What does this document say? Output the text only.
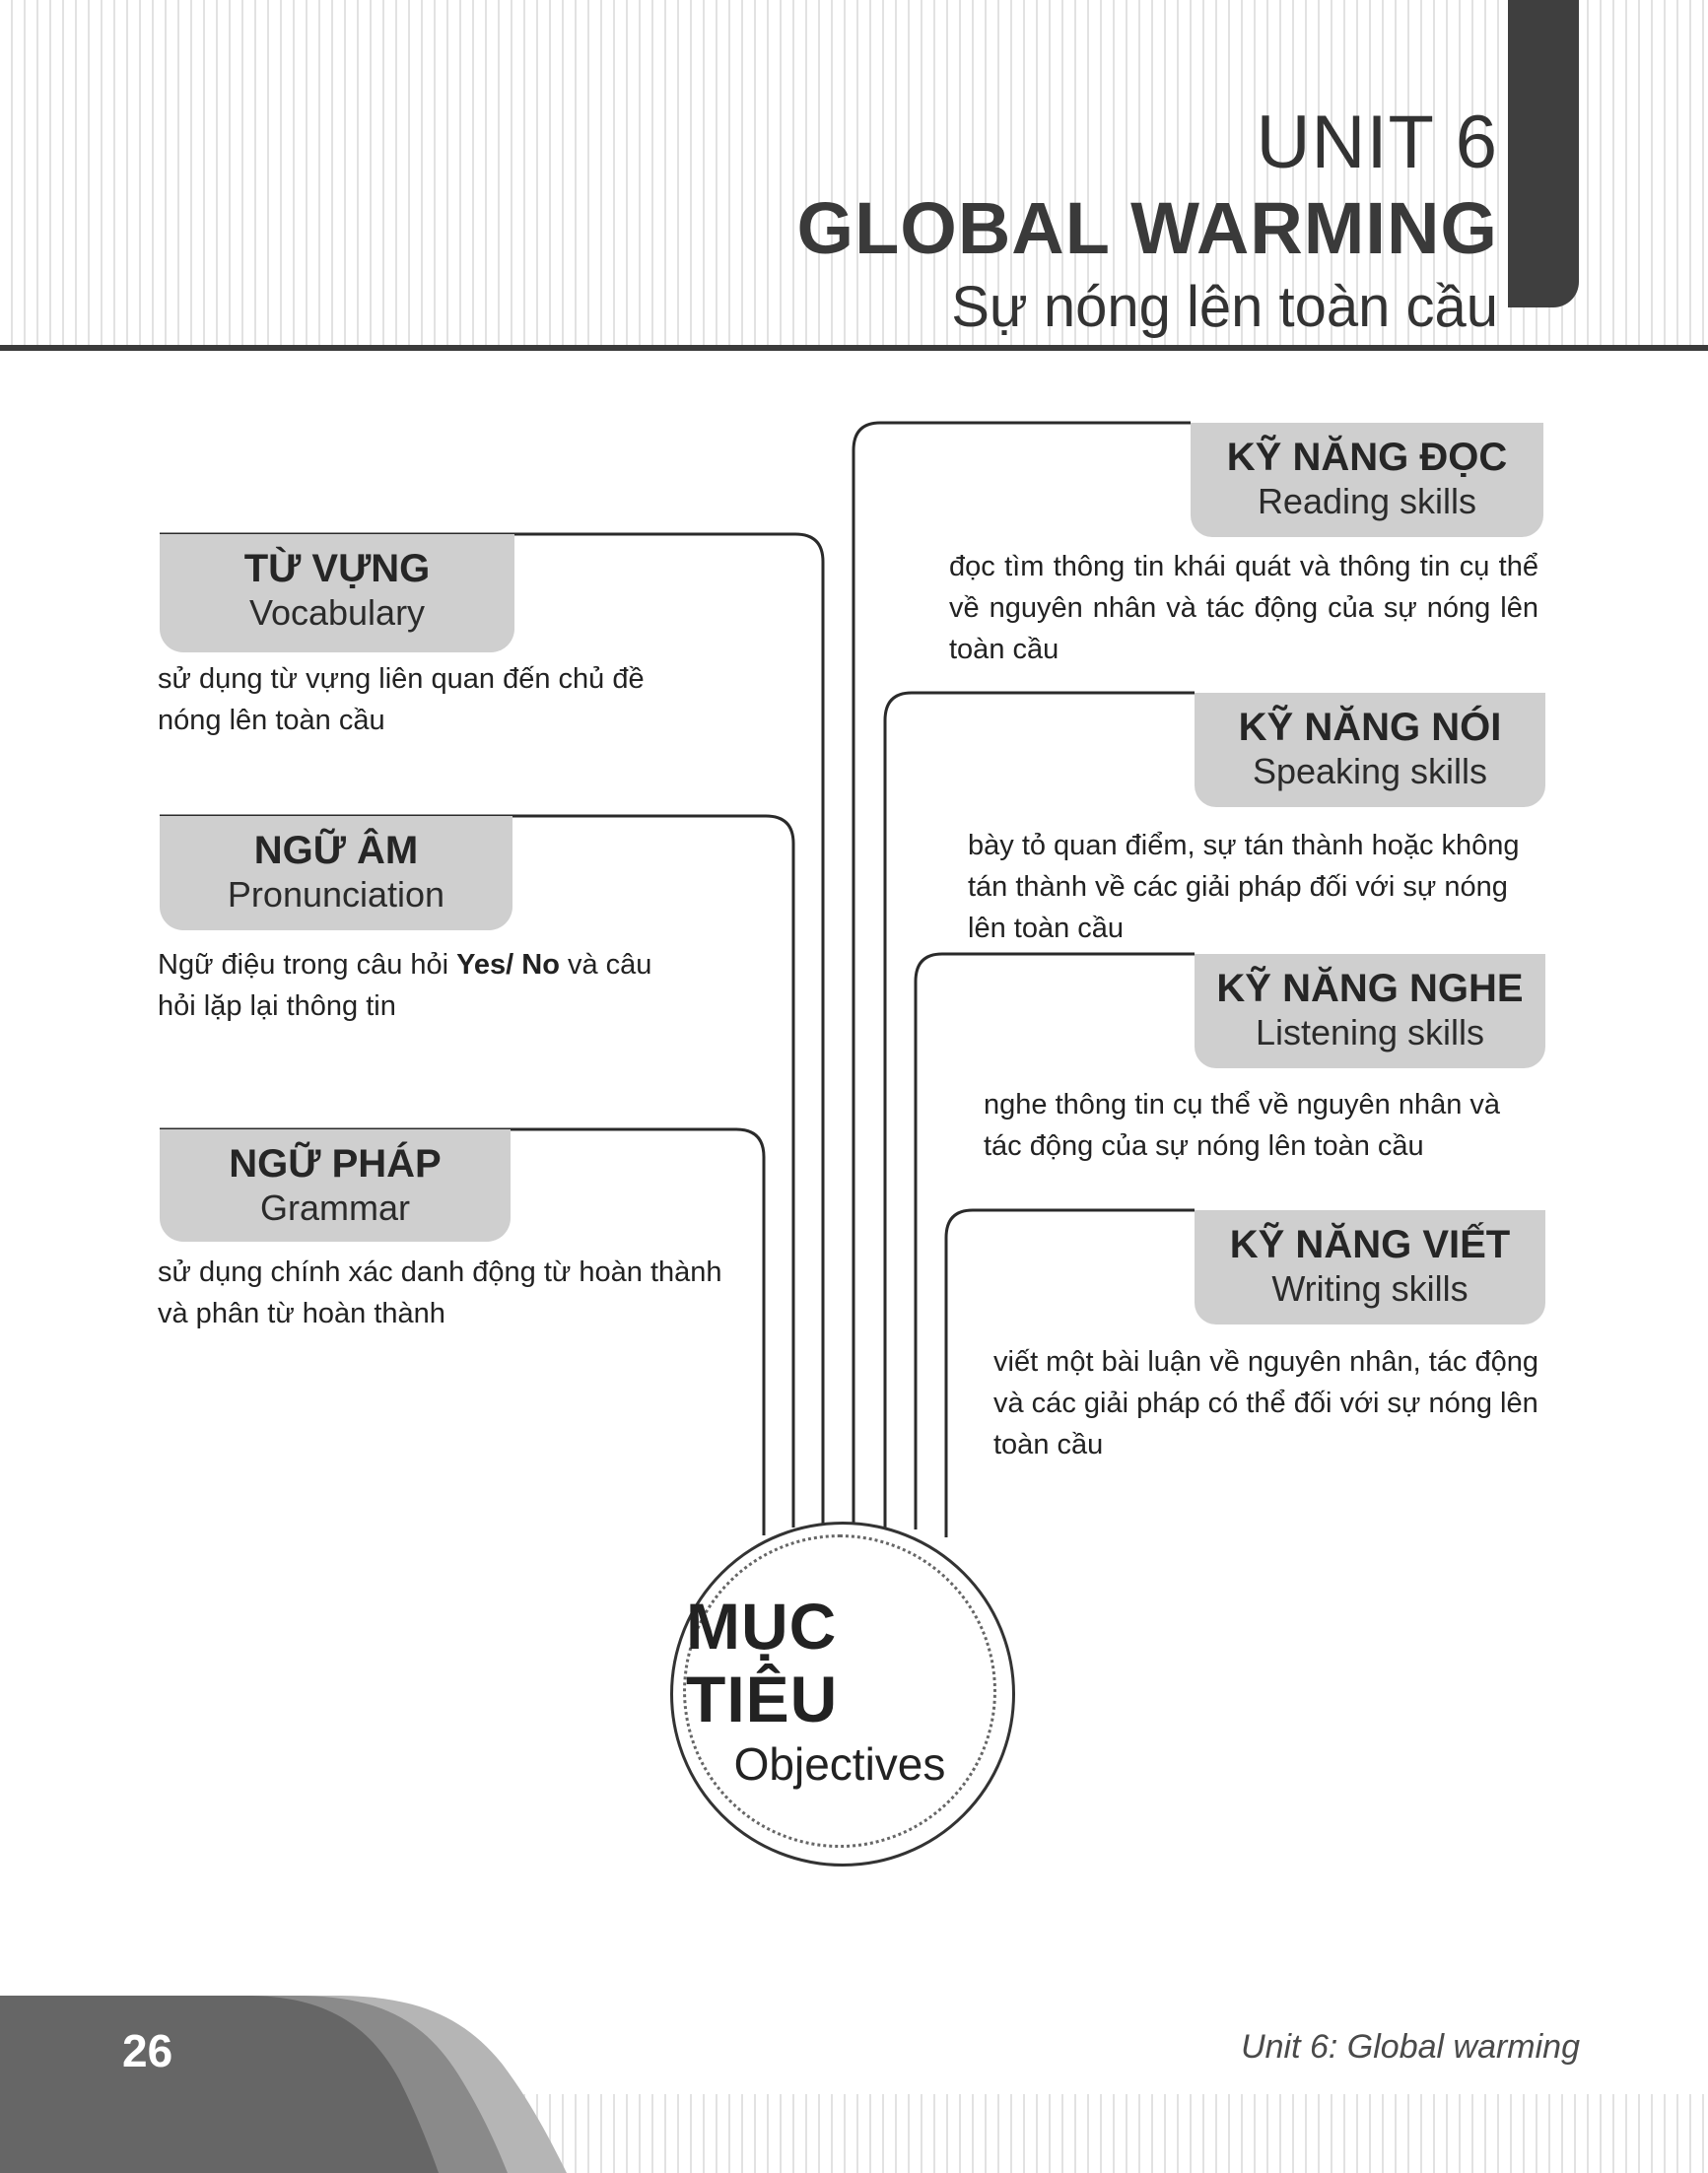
UNIT 6
GLOBAL WARMING
Sự nóng lên toàn cầu
TỪ VỰNG
Vocabulary
sử dụng từ vựng liên quan đến chủ đề nóng lên toàn cầu
NGỮ ÂM
Pronunciation
Ngữ điệu trong câu hỏi Yes/ No và câu hỏi lặp lại thông tin
NGỮ PHÁP
Grammar
sử dụng chính xác danh động từ hoàn thành và phân từ hoàn thành
KỸ NĂNG ĐỌC
Reading skills
đọc tìm thông tin khái quát và thông tin cụ thể về nguyên nhân và tác động của sự nóng lên toàn cầu
KỸ NĂNG NÓI
Speaking skills
bày tỏ quan điểm, sự tán thành hoặc không tán thành về các giải pháp đối với sự nóng lên toàn cầu
KỸ NĂNG NGHE
Listening skills
nghe thông tin cụ thể về nguyên nhân và tác động của sự nóng lên toàn cầu
KỸ NĂNG VIẾT
Writing skills
viết một bài luận về nguyên nhân, tác động và các giải pháp có thể đối với sự nóng lên toàn cầu
MỤC TIÊU
Objectives
26	Unit 6: Global warming
